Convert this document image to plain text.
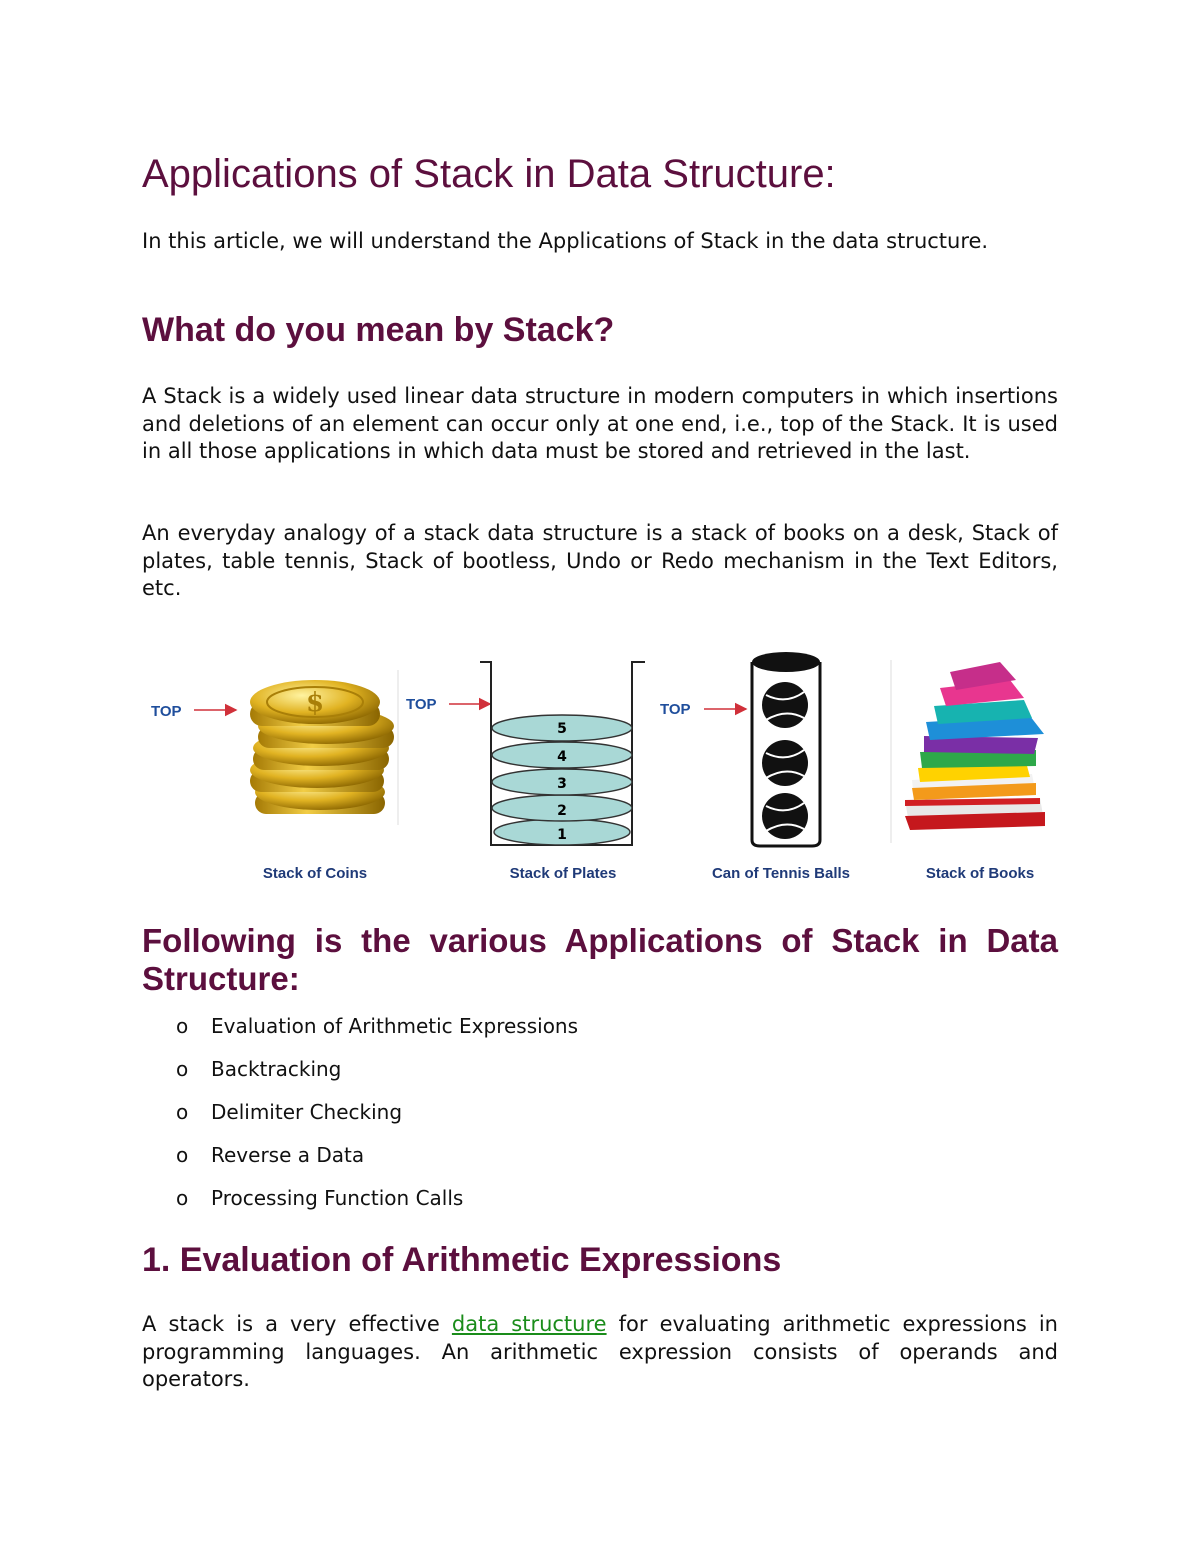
Applications of Stack in Data Structure:

In this article, we will understand the Applications of Stack in the data structure.

What do you mean by Stack?

A Stack is a widely used linear data structure in modern computers in which insertions and deletions of an element can occur only at one end, i.e., top of the Stack. It is used in all those applications in which data must be stored and retrieved in the last.

An everyday analogy of a stack data structure is a stack of books on a desk, Stack of plates, table tennis, Stack of bootless, Undo or Redo mechanism in the Text Editors, etc.

Following is the various Applications of Stack in Data
Structure:
o Evaluation of Arithmetic Expressions
o Backtracking
o Delimiter Checking
o Reverse a Data
o Processing Function Calls
1. Evaluation of Arithmetic Expressions

A stack is a very effective data structure for evaluating arithmetic expressions in programming languages. An arithmetic expression consists of operands and operators.

TOP	$
Stack of Coins
TOP
5
4
3
2
1
Stack of Plates
TOP
Can of Tennis Balls	Stack of Books
